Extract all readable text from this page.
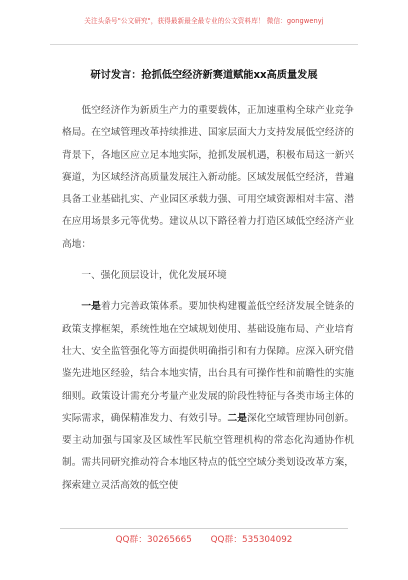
关注头条号"公文研究"，获得最新最全最专业的公文资料库！ 微信：gongwenyj
研讨发言：抢抓低空经济新赛道赋能xx高质量发展

低空经济作为新质生产力的重要载体，正加速重构全球产业竞争格局。在空域管理改革持续推进、国家层面大力支持发展低空经济的背景下，各地区应立足本地实际，抢抓发展机遇，积极布局这一新兴赛道，为区域经济高质量发展注入新动能。区域发展低空经济，普遍具备工业基础扎实、产业园区承载力强、可用空域资源相对丰富、潜在应用场景多元等优势。建议从以下路径着力打造区域低空经济产业高地：

一、强化顶层设计，优化发展环境

一是着力完善政策体系。要加快构建覆盖低空经济发展全链条的政策支撑框架，系统性地在空域规划使用、基础设施布局、产业培育壮大、安全监管强化等方面提供明确指引和有力保障。应深入研究借鉴先进地区经验，结合本地实情，出台具有可操作性和前瞻性的实施细则。政策设计需充分考量产业发展的阶段性特征与各类市场主体的实际需求，确保精准发力、有效引导。二是深化空域管理协同创新。要主动加强与国家及区域性军民航空管理机构的常态化沟通协作机制。需共同研究推动符合本地区特点的低空空域分类划设改革方案，探索建立灵活高效的低空使

QQ群：30265665 QQ群：535304092
